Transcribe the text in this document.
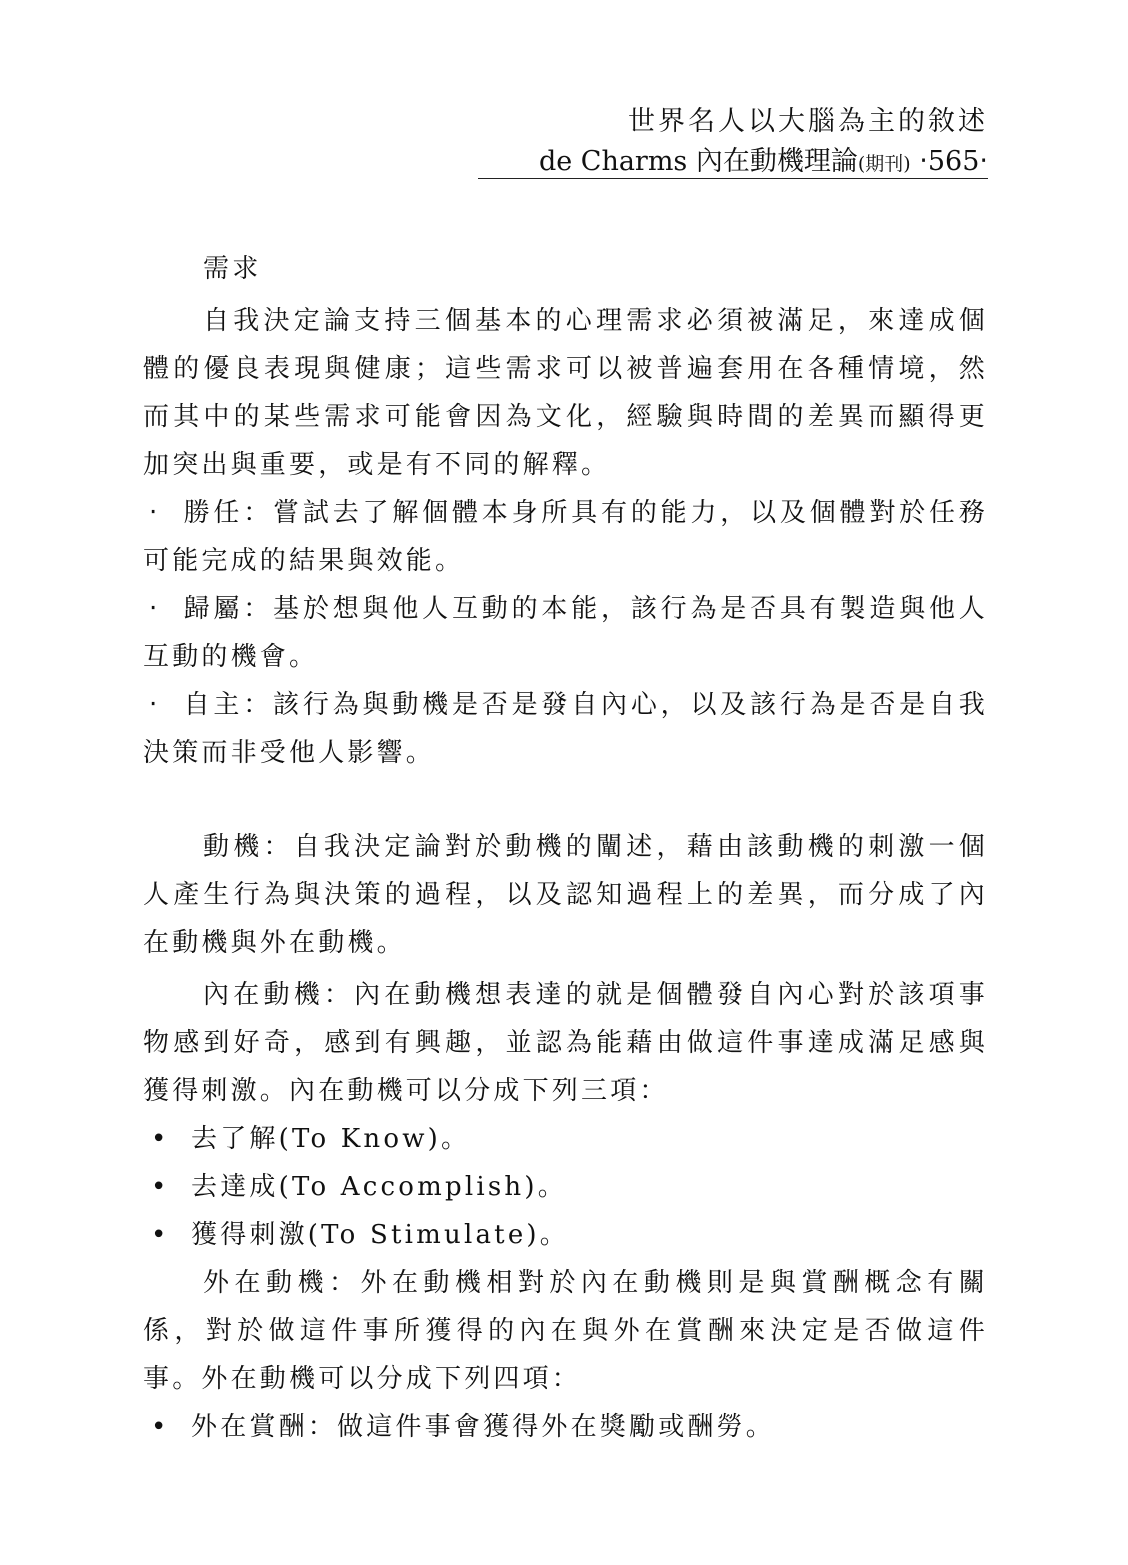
世界名人以大腦為主的敘述
de Charms 內在動機理論(期刊) ‧565‧

需求

自我決定論支持三個基本的心理需求必須被滿足，來達成個體的優良表現與健康；這些需求可以被普遍套用在各種情境，然而其中的某些需求可能會因為文化，經驗與時間的差異而顯得更加突出與重要，或是有不同的解釋。

‧ 勝任：嘗試去了解個體本身所具有的能力，以及個體對於任務可能完成的結果與效能。

‧ 歸屬：基於想與他人互動的本能，該行為是否具有製造與他人互動的機會。

‧ 自主：該行為與動機是否是發自內心，以及該行為是否是自我決策而非受他人影響。

動機：自我決定論對於動機的闡述，藉由該動機的刺激一個人產生行為與決策的過程，以及認知過程上的差異，而分成了內在動機與外在動機。

內在動機：內在動機想表達的就是個體發自內心對於該項事物感到好奇，感到有興趣，並認為能藉由做這件事達成滿足感與獲得刺激。內在動機可以分成下列三項：

• 去了解(To Know)。
• 去達成(To Accomplish)。
• 獲得刺激(To Stimulate)。

外在動機：外在動機相對於內在動機則是與賞酬概念有關係，對於做這件事所獲得的內在與外在賞酬來決定是否做這件事。外在動機可以分成下列四項：

• 外在賞酬：做這件事會獲得外在獎勵或酬勞。
